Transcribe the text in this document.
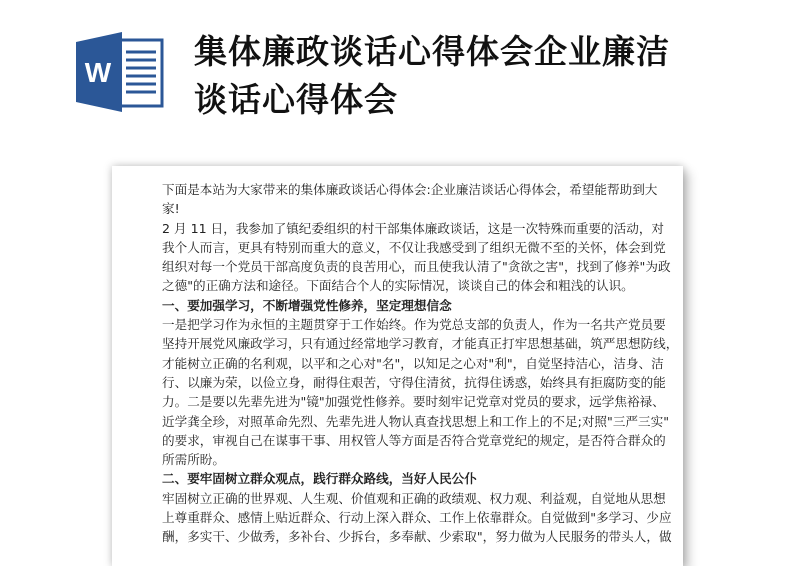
W
集体廉政谈话心得体会企业廉洁
谈话心得体会
下面是本站为大家带来的集体廉政谈话心得体会:企业廉洁谈话心得体会，希望能帮助到大
家!
2 月 11 日，我参加了镇纪委组织的村干部集体廉政谈话，这是一次特殊而重要的活动，对
我个人而言，更具有特别而重大的意义，不仅让我感受到了组织无微不至的关怀，体会到党
组织对每一个党员干部高度负责的良苦用心，而且使我认清了"贪欲之害"，找到了修养"为政
之德"的正确方法和途径。下面结合个人的实际情况，谈谈自己的体会和粗浅的认识。
一、要加强学习，不断增强党性修养，坚定理想信念
一是把学习作为永恒的主题贯穿于工作始终。作为党总支部的负责人，作为一名共产党员要
坚持开展党风廉政学习，只有通过经常地学习教育，才能真正打牢思想基础，筑严思想防线，
才能树立正确的名利观，以平和之心对"名"，以知足之心对"利"，自觉坚持洁心，洁身、洁
行、以廉为荣，以俭立身，耐得住艰苦，守得住清贫，抗得住诱惑，始终具有拒腐防变的能
力。二是要以先辈先进为"镜"加强党性修养。要时刻牢记党章对党员的要求，远学焦裕禄、
近学龚全珍，对照革命先烈、先辈先进人物认真查找思想上和工作上的不足;对照"三严三实"
的要求，审视自己在谋事干事、用权管人等方面是否符合党章党纪的规定，是否符合群众的
所需所盼。
二、要牢固树立群众观点，践行群众路线，当好人民公仆
牢固树立正确的世界观、人生观、价值观和正确的政绩观、权力观、利益观，自觉地从思想
上尊重群众、感情上贴近群众、行动上深入群众、工作上依靠群众。自觉做到"多学习、少应
酬，多实干、少做秀，多补台、少拆台，多奉献、少索取"，努力做为人民服务的带头人，做
